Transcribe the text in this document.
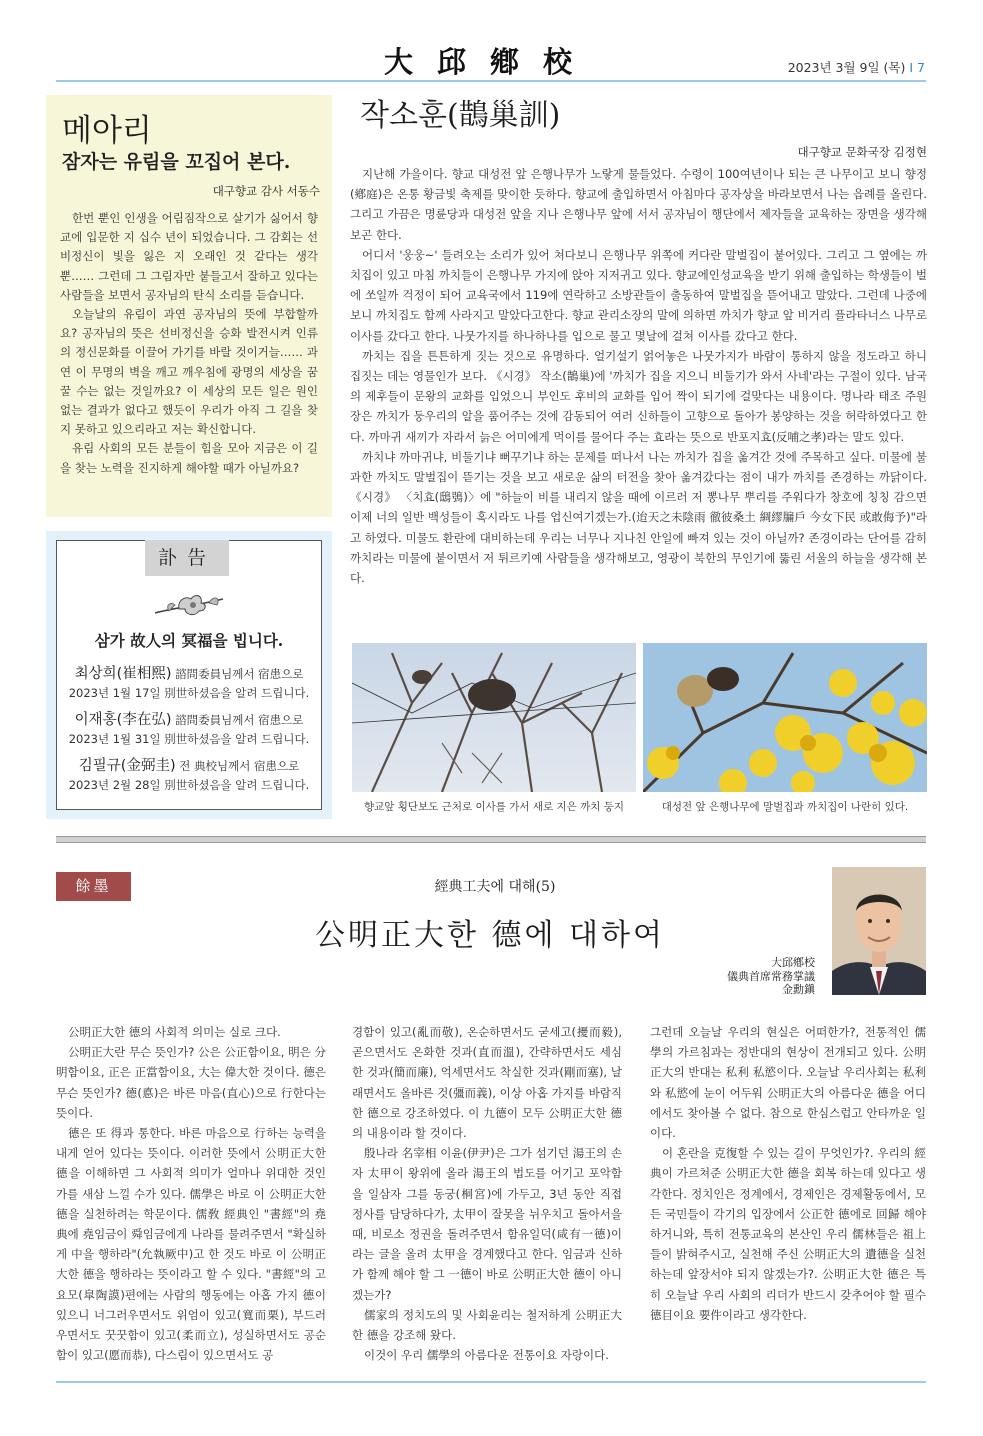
大邱鄕校	2023년 3월 9일 (목) I 7
메아리
잠자는 유림을 꼬집어 본다.
대구향교 감사 서동수

한번 뿐인 인생을 어림짐작으로 살기가 싫어서 향교에 입문한 지 십수 년이 되었습니다. 그 감회는 선비정신이 빛을 잃은 지 오래인 것 같다는 생각뿐…… 그런데 그 그림자만 붙들고서 잘하고 있다는 사람들을 보면서 공자님의 탄식 소리를 듣습니다.

오늘날의 유림이 과연 공자님의 뜻에 부합할까요? 공자님의 뜻은 선비정신을 승화 발전시켜 인류의 정신문화를 이끌어 가기를 바랄 것이거늘…… 과연 이 무명의 벽을 깨고 깨우침에 광명의 세상을 꿈꿀 수는 없는 것일까요? 이 세상의 모든 일은 원인 없는 결과가 없다고 했듯이 우리가 아직 그 길을 찾지 못하고 있으리라고 저는 확신합니다.

유림 사회의 모든 분들이 힘을 모아 지금은 이 길을 찾는 노력을 진지하게 해야할 때가 아닐까요?

訃告
삼가 故人의 冥福을 빕니다.
최상희(崔相熙) 諮問委員님께서 宿患으로
2023년 1월 17일 別世하셨음을 알려 드립니다.
이재홍(李在弘) 諮問委員님께서 宿患으로
2023년 1월 31일 別世하셨음을 알려 드립니다.
김필규(金弼圭) 전 典校님께서 宿患으로
2023년 2월 28일 別世하셨음을 알려 드립니다.
작소훈(鵲巢訓)
대구향교 문화국장 김정현

지난해 가을이다. 향교 대성전 앞 은행나무가 노랗게 물들었다. 수령이 100여년이나 되는 큰 나무이고 보니 향정(鄕庭)은 온통 황금빛 축제를 맞이한 듯하다. 향교에 출입하면서 아침마다 공자상을 바라보면서 나는 읍례를 올린다. 그리고 가끔은 명륜당과 대성전 앞을 지나 은행나무 앞에 서서 공자님이 행단에서 제자들을 교육하는 장면을 생각해 보곤 한다.

어디서 '웅웅~' 들려오는 소리가 있어 쳐다보니 은행나무 위쪽에 커다란 말벌집이 붙어있다. 그리고 그 옆에는 까치집이 있고 마침 까치들이 은행나무 가지에 앉아 지저귀고 있다. 향교에인성교육을 받기 위해 출입하는 학생들이 벌에 쏘일까 걱정이 되어 교육국에서 119에 연락하고 소방관들이 출동하여 말벌집을 뜯어내고 말았다. 그런데 나중에 보니 까치집도 함께 사라지고 말았다고한다. 향교 관리소장의 말에 의하면 까치가 향교 앞 비거리 플라타너스 나무로 이사를 갔다고 한다. 나뭇가지를 하나하나를 입으로 물고 몇날에 걸쳐 이사를 갔다고 한다.

까치는 집을 튼튼하게 짓는 것으로 유명하다. 얼기설기 얽어놓은 나뭇가지가 바람이 통하지 않을 정도라고 하니 집짓는 데는 영물인가 보다. 《시경》 작소(鵲巢)에 '까치가 집을 지으니 비둘기가 와서 사네'라는 구절이 있다. 남국의 제후들이 문왕의 교화를 입었으니 부인도 후비의 교화를 입어 짝이 되기에 걸맞다는 내용이다. 명나라 태조 주원장은 까치가 둥우리의 알을 품어주는 것에 감동되어 여러 신하들이 고향으로 돌아가 봉양하는 것을 허락하였다고 한다. 까마귀 새끼가 자라서 늙은 어미에게 먹이를 물어다 주는 효라는 뜻으로 반포지효(反哺之孝)라는 말도 있다.

까치냐 까마귀냐, 비둘기냐 뻐꾸기냐 하는 문제를 떠나서 나는 까치가 집을 옮겨간 것에 주목하고 싶다. 미물에 불과한 까치도 말벌집이 뜯기는 것을 보고 새로운 삶의 터전을 찾아 옮겨갔다는 점이 내가 까치를 존경하는 까닭이다. 《시경》 〈치효(鴟鴞)〉에 "하늘이 비를 내리지 않을 때에 이르러 저 뽕나무 뿌리를 주워다가 창호에 칭칭 감으면 이제 너의 일반 백성들이 혹시라도 나를 업신여기겠는가.(迨天之未陰雨 徹彼桑土 綢繆牖戶 今女下民 或敢侮予)"라고 하였다. 미물도 환란에 대비하는데 우리는 너무나 지나친 안일에 빠져 있는 것이 아닐까? 존경이라는 단어를 감히 까치라는 미물에 붙이면서 저 튀르키예 사람들을 생각해보고, 영광이 북한의 무인기에 뚫린 서울의 하늘을 생각해 본다.

향교앞 횡단보도 근처로 이사를 가서 새로 지은 까치 둥지	대성전 앞 은행나무에 말벌집과 까치집이 나란히 있다.
餘墨	經典工夫에 대해(5)
公明正大한 德에 대하여
大邱鄕校
儀典首席常務掌議
金勳鎭

公明正大한 德의 사회적 의미는 실로 크다.

公明正大란 무슨 뜻인가? 公은 公正함이요, 明은 分明함이요, 正은 正當함이요, 大는 偉大한 것이다. 德은 무슨 뜻인가? 德(悳)은 바른 마음(直心)으로 行한다는 뜻이다.

德은 또 得과 통한다. 바른 마음으로 行하는 능력을 내게 얻어 있다는 뜻이다. 이러한 뜻에서 公明正大한 德을 이해하면 그 사회적 의미가 얼마나 위대한 것인가를 새삼 느낄 수가 있다. 儒學은 바로 이 公明正大한 德을 실천하려는 학문이다. 儒敎 經典인 "書經"의 堯典에 堯임금이 舜임금에게 나라를 물려주면서 "확실하게 中을 행하라"(允執厥中)고 한 것도 바로 이 公明正大한 德을 행하라는 뜻이라고 할 수 있다. "書經"의 고요모(皐陶謨)편에는 사람의 행동에는 아홉 가지 德이 있으니 너그러우면서도 위엄이 있고(寬而栗), 부드러우면서도 꿋꿋함이 있고(柔而立), 성실하면서도 공순함이 있고(愿而恭), 다스림이 있으면서도 공

경함이 있고(亂而敬), 온순하면서도 굳세고(擾而毅), 곧으면서도 온화한 것과(直而溫), 간략하면서도 세심한 것과(簡而廉), 억세면서도 착실한 것과(剛而塞), 날래면서도 올바른 것(彊而義), 이상 아홉 가지를 바람직한 德으로 강조하였다. 이 九德이 모두 公明正大한 德의 내용이라 할 것이다.

殷나라 名宰相 이윤(伊尹)은 그가 섬기던 湯王의 손자 太甲이 왕위에 올라 湯王의 법도를 어기고 포악함을 일삼자 그를 동궁(桐宮)에 가두고, 3년 동안 직접 정사를 담당하다가, 太甲이 잘못을 뉘우치고 돌아서을 때, 비로소 정권을 돌려주면서 함유일덕(咸有一德)이라는 글을 올려 太甲을 경계했다고 한다. 임금과 신하가 함께 해야 할 그 一德이 바로 公明正大한 德이 아니겠는가?

儒家의 정치도의 및 사회윤리는 철저하게 公明正大한 德을 강조해 왔다.

이것이 우리 儒學의 아름다운 전통이요 자랑이다.

그런데 오늘날 우리의 현실은 어떠한가?, 전통적인 儒學의 가르침과는 정반대의 현상이 전개되고 있다. 公明正大의 반대는 私利 私慾이다. 오늘날 우리사회는 私利와 私慾에 눈이 어두워 公明正大의 아름다운 德을 어디에서도 찾아볼 수 없다. 참으로 한심스럽고 안타까운 일이다.

이 혼란을 克復할 수 있는 길이 무엇인가?. 우리의 經典이 가르쳐준 公明正大한 德을 회복 하는데 있다고 생각한다. 정치인은 정계에서, 경제인은 경제활동에서, 모든 국민들이 각기의 입장에서 公正한 德에로 回歸 해야 하거니와, 특히 전통교육의 본산인 우리 儒林들은 祖上들이 밝혀주시고, 실천해 주신 公明正大의 遺德을 실천하는데 앞장서야 되지 않겠는가?. 公明正大한 德은 특히 오늘날 우리 사회의 리더가 반드시 갖추어야 할 필수 德目이요 要件이라고 생각한다.
